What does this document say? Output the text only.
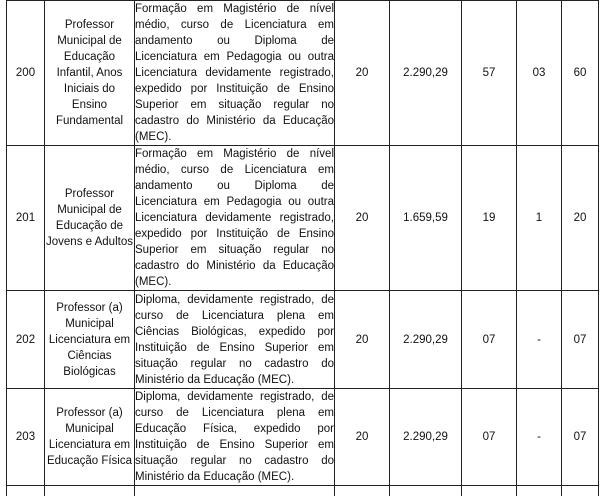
200	Professor Municipal de Educação Infantil, Anos Iniciais do Ensino Fundamental	Formação em Magistério de nível médio, curso de Licenciatura em andamento ou Diploma de Licenciatura em Pedagogia ou outra Licenciatura devidamente registrado, expedido por Instituição de Ensino Superior em situação regular no cadastro do Ministério da Educação (MEC).	20	2.290,29	57	03	60
201	Professor Municipal de Educação de Jovens e Adultos	Formação em Magistério de nível médio, curso de Licenciatura em andamento ou Diploma de Licenciatura em Pedagogia ou outra Licenciatura devidamente registrado, expedido por Instituição de Ensino Superior em situação regular no cadastro do Ministério da Educação (MEC).	20	1.659,59	19	1	20
202	Professor (a) Municipal Licenciatura em Ciências Biológicas	Diploma, devidamente registrado, de curso de Licenciatura plena em Ciências Biológicas, expedido por Instituição de Ensino Superior em situação regular no cadastro do Ministério da Educação (MEC).	20	2.290,29	07	-	07
203	Professor (a) Municipal Licenciatura em Educação Física	Diploma, devidamente registrado, de curso de Licenciatura plena em Educação Física, expedido por Instituição de Ensino Superior em situação regular no cadastro do Ministério da Educação (MEC).	20	2.290,29	07	-	07
